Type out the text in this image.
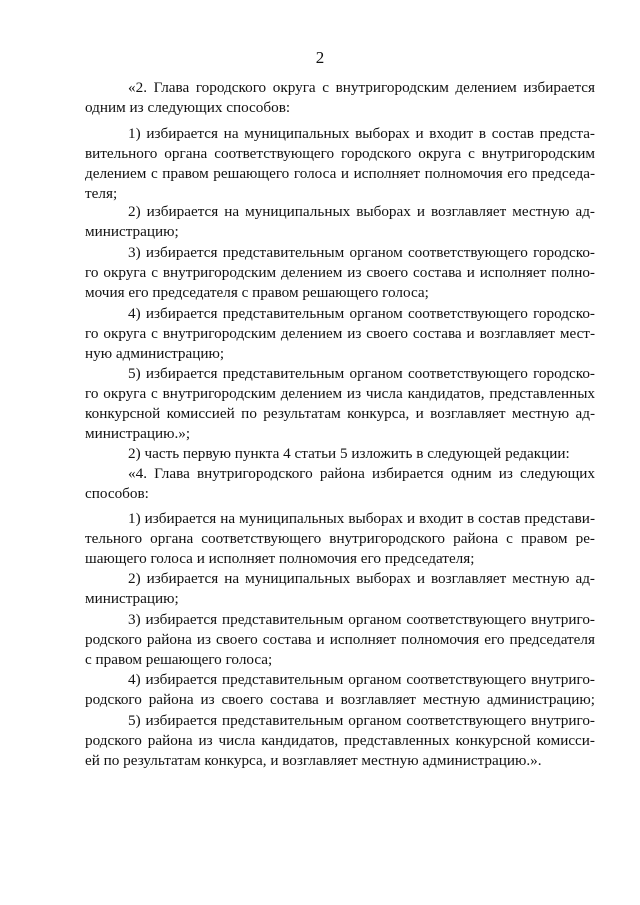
2
«2. Глава городского округа с внутригородским делением избирается
одним из следующих способов:
1) избирается на муниципальных выборах и входит в состав предста-
вительного органа соответствующего городского округа с внутригородским
делением с правом решающего голоса и исполняет полномочия его председа-
теля;
2) избирается на муниципальных выборах и возглавляет местную ад-
министрацию;
3) избирается представительным органом соответствующего городско-
го округа с внутригородским делением из своего состава и исполняет полно-
мочия его председателя с правом решающего голоса;
4) избирается представительным органом соответствующего городско-
го округа с внутригородским делением из своего состава и возглавляет мест-
ную администрацию;
5) избирается представительным органом соответствующего городско-
го округа с внутригородским делением из числа кандидатов, представленных
конкурсной комиссией по результатам конкурса, и возглавляет местную ад-
министрацию.»;
2) часть первую пункта 4 статьи 5 изложить в следующей редакции:
«4. Глава внутригородского района избирается одним из следующих
способов:
1) избирается на муниципальных выборах и входит в состав представи-
тельного органа соответствующего внутригородского района с правом ре-
шающего голоса и исполняет полномочия его председателя;
2) избирается на муниципальных выборах и возглавляет местную ад-
министрацию;
3) избирается представительным органом соответствующего внутриго-
родского района из своего состава и исполняет полномочия его председателя
с правом решающего голоса;
4) избирается представительным органом соответствующего внутриго-
родского района из своего состава и возглавляет местную администрацию;
5) избирается представительным органом соответствующего внутриго-
родского района из числа кандидатов, представленных конкурсной комисси-
ей по результатам конкурса, и возглавляет местную администрацию.».
